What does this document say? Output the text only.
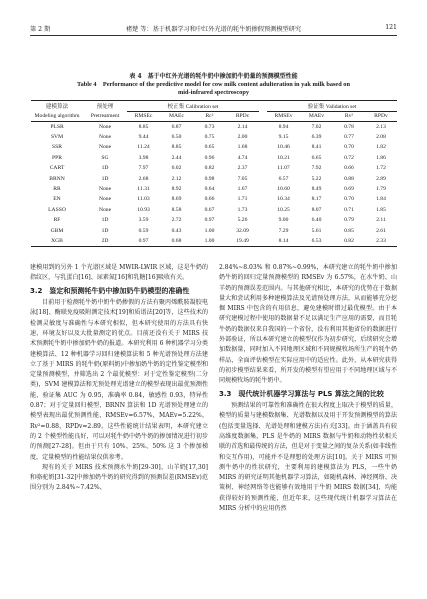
第 2 期	褚楚 等：基于机器学习和中红外光谱的牦牛奶掺假预测模型研究	121
表 4　基于中红外光谱的牦牛奶中掺加奶牛奶量的预测模型性能
Table 4　Performance of the predictive model for cow milk content adulteration in yak milk based on
mid-infrared spectroscopy
建模算法	预处理	校正集 Calibration set					验证集 Validation set			
Modeling algorithm	Pretreatment	RMSEc	MAEc	Rc²	RPDc		RMSEv	MAEv	Rv²	RPDv
PLSR	None	8.85	6.87	0.73	2.14		8.94	7.02	0.78	2.13
SVM	None	9.44	6.50	0.75	2.00		9.15	6.39	0.77	2.08
SSR	None	11.24	8.85	0.65	1.68		10.46	8.41	0.70	1.82
PPR	SG	3.98	2.44	0.96	4.74		10.21	6.65	0.72	1.86
CART	1D	7.97	6.02	0.82	2.37		11.07	7.92	0.66	1.72
BRNN	1D	2.68	2.12	0.98	7.05		6.57	5.22	0.88	2.89
RR	None	11.31	8.92	0.64	1.67		10.60	8.49	0.69	1.79
EN	None	11.03	8.69	0.66	1.71		10.34	8.17	0.70	1.84
LASSO	None	10.93	8.58	0.67	1.73		10.25	8.07	0.71	1.85
RF	1D	3.59	2.72	0.97	5.26		9.00	6.40	0.79	2.11
GBM	1D	0.59	0.43	1.00	32.09		7.29	5.61	0.85	2.61
XGB	2D	0.97	0.68	1.00	19.49		8.14	6.53	0.82	2.33

建模用到的另外 1 个光谱区域是 MWIR-LWIR 区域，这是牛奶的指纹区，与乳蛋白[16]、尿素氮[16]和乳糖[16]吸收有关。

3.2　鉴定和预测牦牛奶中掺加奶牛奶模型的准确性

目前用于检测牦牛奶中奶牛奶掺假的方法有聚丙烯酰胺凝胶电泳[18]、酶联免疫吸附测定技术[19]和质谱法[20]等，这些技术的检测灵敏度与准确性与本研究相似，但本研究使用的方法具有快速、环境友好以及大批量测定的优点。目前还没有关于 MIRS 技术预测牦牛奶中掺加奶牛奶的报道。本研究利用 6 种机器学习分类建模算法、12 种机器学习回归建模算法和 5 种光谱预处理方法建立了基于 MIRS 的牦牛奶(原料奶)中掺加奶牛奶的定性鉴定模型和定量预测模型，并筛选出 2 个最优模型：对于定性鉴定模型(二分类)，SVM 建模算法和无预处理光谱建立的模型表现出最优预测性能，验证集 AUC 为 0.95，准确率 0.84，敏感性 0.93，特异性 0.87；对于定量回归模型，BRNN 算法和 1D 光谱预处理建立的模型表现出最优预测性能，RMSEv=6.57%，MAEv=5.22%，Rv²=0.88，RPDv=2.89。这些性能统计结果表明，本研究建立的 2 个模型性能良好，可以对牦牛奶中奶牛奶的掺加情况进行初步的预测[27-28]。但由于只有 10%、25%、50% 这 3 个掺加梯度，定量模型的性能结果仅供参考。

现有的关于 MIRS 技术预测水牛奶[29-30]、山羊奶[17,30]和骆驼奶[31-32]中掺加奶牛奶的研究得到的预测误差(RMSEv)范围分别为 2.84%~7.42%、

2.84%~8.03% 和 0.87%~0.99%，本研究建立的牦牛奶中掺加奶牛奶的回归定量预测模型的 RMSEv 为 6.57%，在水牛奶、山羊奶的预测误差范围内。与其他研究相比，本研究的优势在于数据量大和尝试利用多种建模算法及光谱预处理方法，从而能够充分挖掘 MIRS 中包含的有用信息，避免建模时错过最优模型。由于本研究建模过程中使用的数据量不足以满足生产应用的需要，而且牦牛奶的数据仅来自我国的一个省份，没有利用其他省份的数据进行外部验证，所以本研究建立的模型仅作为初步研究，后续研究会增加数据量，同时加入不同地理区域和不同规模牧场所生产的牦牛奶样品，全面评估模型在实际应用中的适应性。此外，从本研究获得的初步模型结果来看，所开发的模型有望应用于不同地理区域与不同规模牧场的牦牛奶中。

3.3　现代统计机器学习算法与 PLS 算法之间的比较

预测结果的可靠性和准确性在很大程度上取决于模型的质量，模型的质量与建模数据集、光谱数据以及用于开发预测模型的算法(包括变量选择、光谱处理和建模方法)有关[33]。由于涵盖具有较高维度数据集，PLS 是牛奶的 MIRS 数据与牛奶和动物性状相关联的首选和最传统的方法，但是对于变量之间的复杂关系(如非线性和交互作用)，可能并不是理想的处理方法[10]。关于 MIRS 可预测牛奶中的性状研究，主要利用的建模算法为 PLS，一些牛奶 MIRS 的研究证明其他机器学习算法，如随机森林、神经网络、决策树、神经网络等也能够有效地用于牛奶 MIRS 数据[34]，均能获得较好的预测性能，但近年来，这些现代统计机器学习算法在 MIRS 分析中的应用仍然
